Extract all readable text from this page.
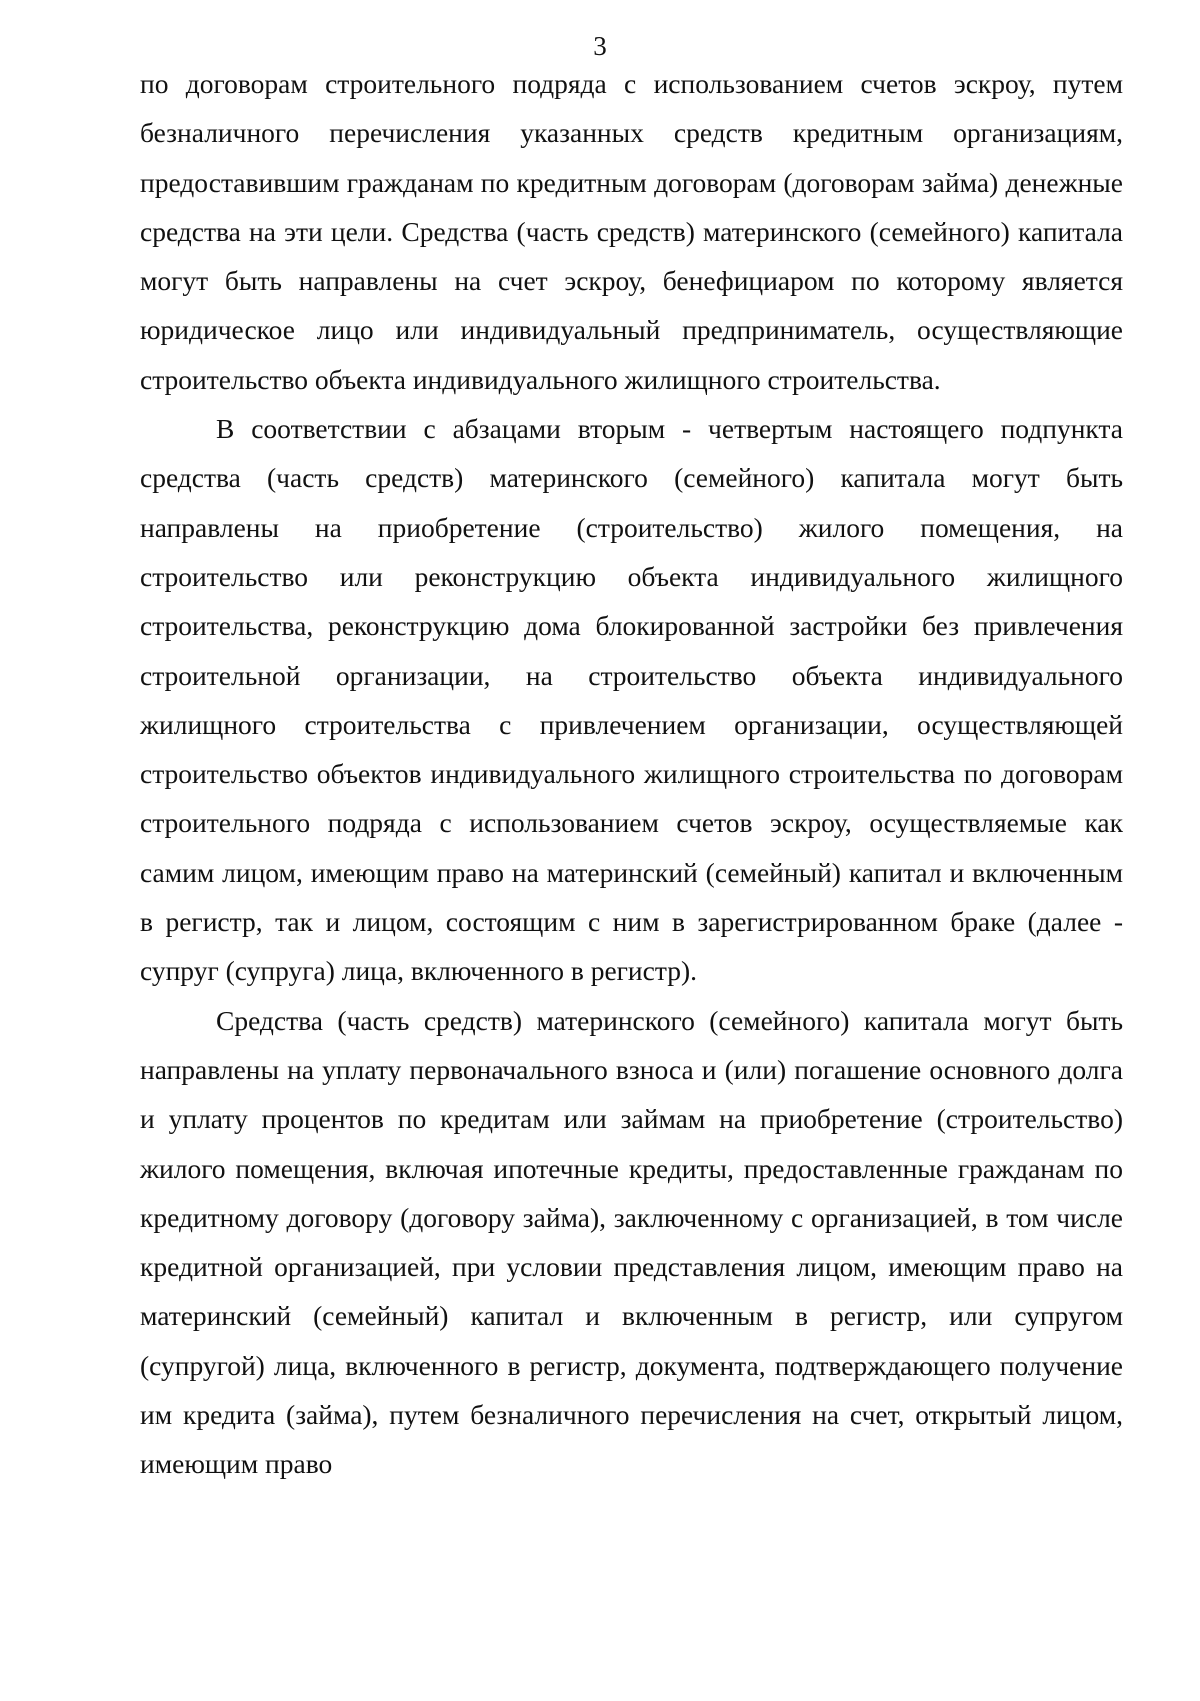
3

по договорам строительного подряда с использованием счетов эскроу, путем безналичного перечисления указанных средств кредитным организациям, предоставившим гражданам по кредитным договорам (договорам займа) денежные средства на эти цели. Средства (часть средств) материнского (семейного) капитала могут быть направлены на счет эскроу, бенефициаром по которому является юридическое лицо или индивидуальный предприниматель, осуществляющие строительство объекта индивидуального жилищного строительства.

В соответствии с абзацами вторым - четвертым настоящего подпункта средства (часть средств) материнского (семейного) капитала могут быть направлены на приобретение (строительство) жилого помещения, на строительство или реконструкцию объекта индивидуального жилищного строительства, реконструкцию дома блокированной застройки без привлечения строительной организации, на строительство объекта индивидуального жилищного строительства с привлечением организации, осуществляющей строительство объектов индивидуального жилищного строительства по договорам строительного подряда с использованием счетов эскроу, осуществляемые как самим лицом, имеющим право на материнский (семейный) капитал и включенным в регистр, так и лицом, состоящим с ним в зарегистрированном браке (далее - супруг (супруга) лица, включенного в регистр).

Средства (часть средств) материнского (семейного) капитала могут быть направлены на уплату первоначального взноса и (или) погашение основного долга и уплату процентов по кредитам или займам на приобретение (строительство) жилого помещения, включая ипотечные кредиты, предоставленные гражданам по кредитному договору (договору займа), заключенному с организацией, в том числе кредитной организацией, при условии представления лицом, имеющим право на материнский (семейный) капитал и включенным в регистр, или супругом (супругой) лица, включенного в регистр, документа, подтверждающего получение им кредита (займа), путем безналичного перечисления на счет, открытый лицом, имеющим право
